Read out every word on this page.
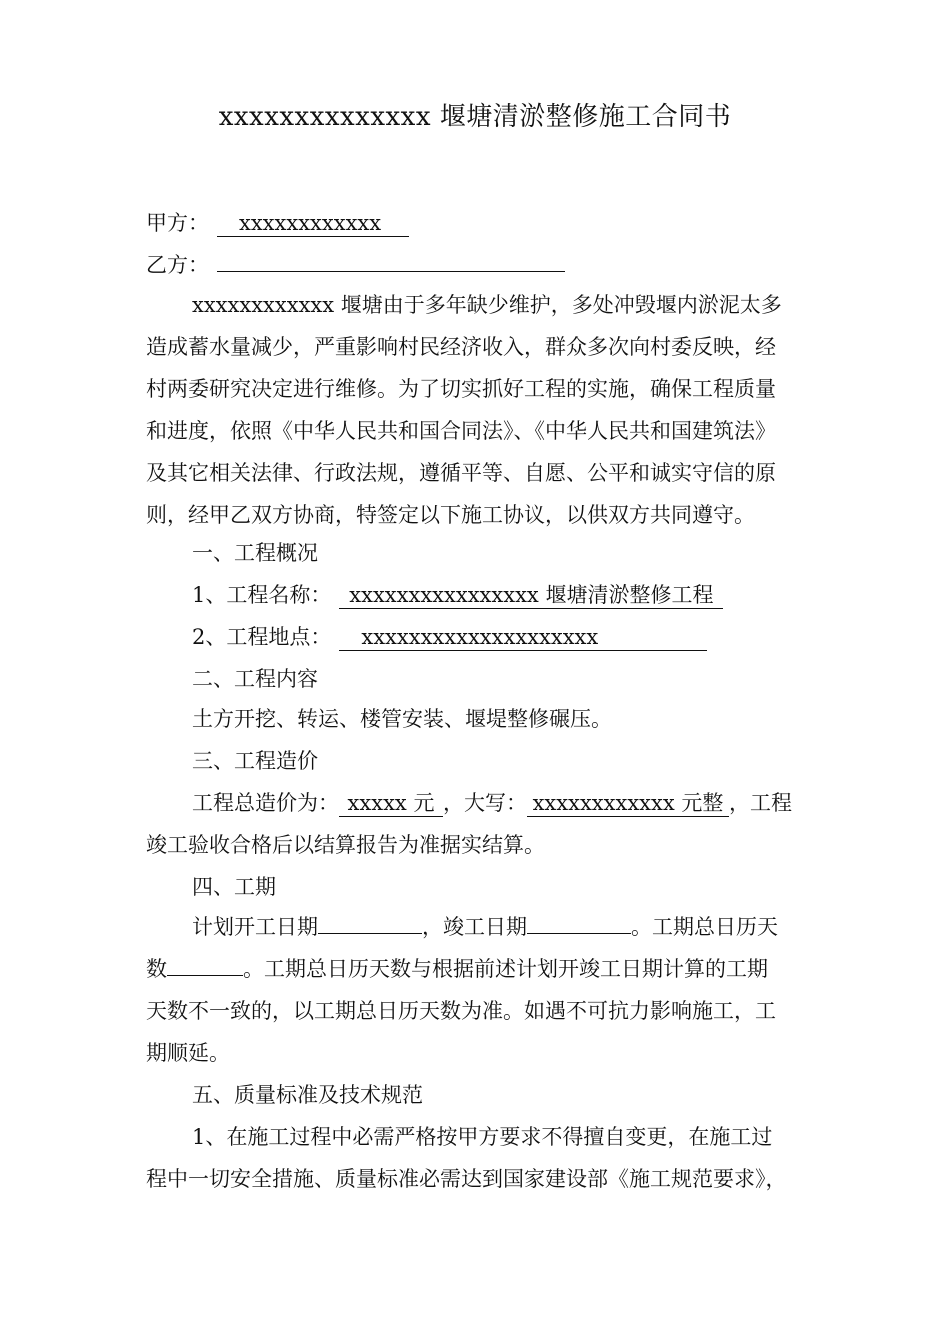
xxxxxxxxxxxxxx 堰塘清淤整修施工合同书
甲方： xxxxxxxxxxxx
乙方：
xxxxxxxxxxxx 堰塘由于多年缺少维护，多处冲毁堰内淤泥太多
造成蓄水量减少，严重影响村民经济收入，群众多次向村委反映，经
村两委研究决定进行维修。为了切实抓好工程的实施，确保工程质量
和进度，依照《中华人民共和国合同法》、《中华人民共和国建筑法》
及其它相关法律、行政法规，遵循平等、自愿、公平和诚实守信的原
则，经甲乙双方协商，特签定以下施工协议，以供双方共同遵守。
一、工程概况
1、工程名称： xxxxxxxxxxxxxxxx 堰塘清淤整修工程
2、工程地点： xxxxxxxxxxxxxxxxxxxx
二、工程内容
土方开挖、转运、楼管安装、堰堤整修碾压。
三、工程造价
工程总造价为： xxxxx 元 ，大写： xxxxxxxxxxxx 元整 ，工程
竣工验收合格后以结算报告为准据实结算。
四、工期
计划开工日期	，竣工日期	。工期总日历天
数	。工期总日历天数与根据前述计划开竣工日期计算的工期
天数不一致的，以工期总日历天数为准。如遇不可抗力影响施工，工
期顺延。
五、质量标准及技术规范
1、在施工过程中必需严格按甲方要求不得擅自变更，在施工过
程中一切安全措施、质量标准必需达到国家建设部《施工规范要求》，
